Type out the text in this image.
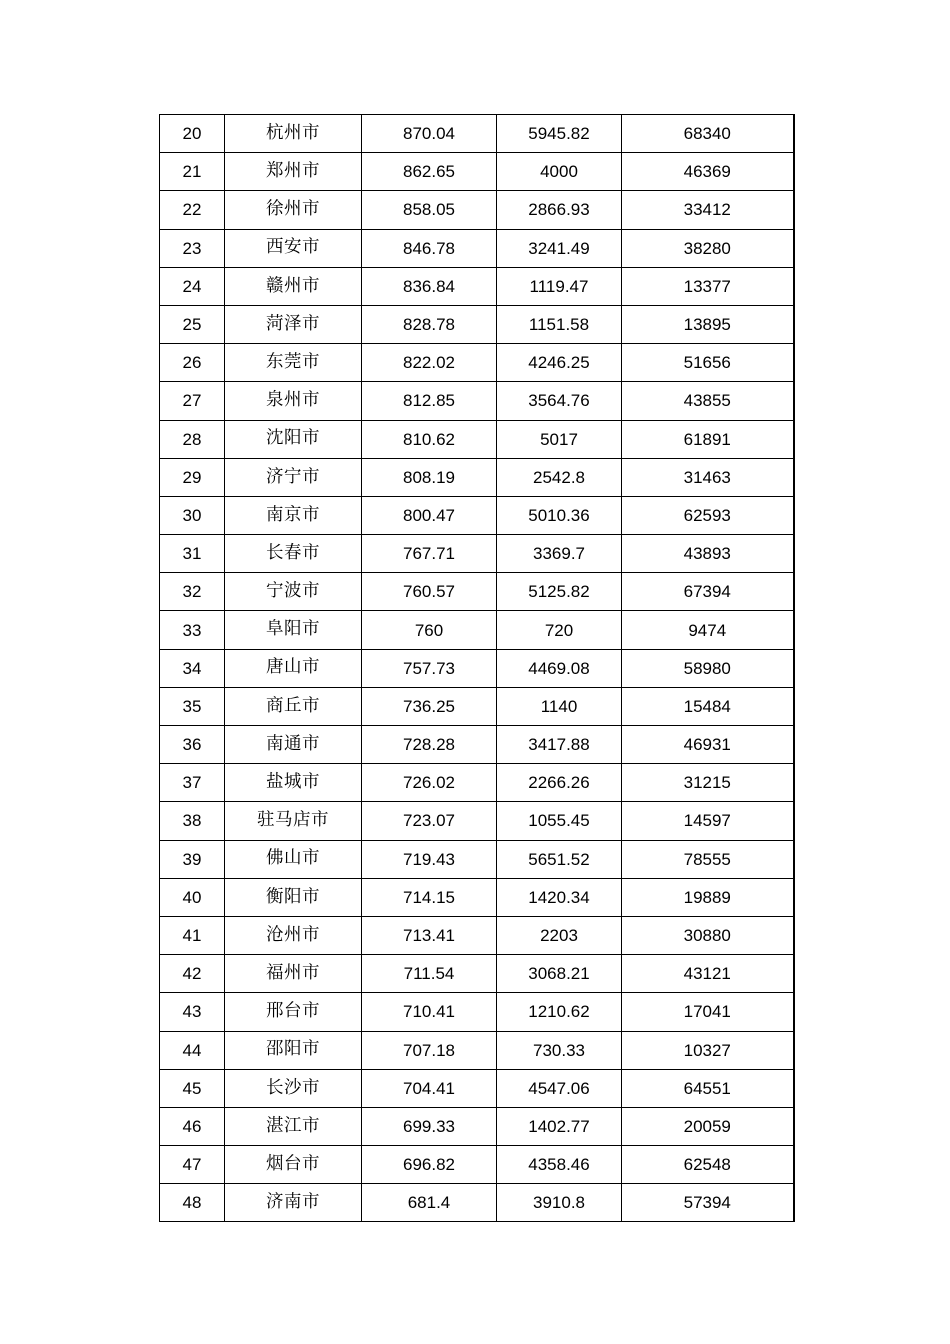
20	杭州市	870.04	5945.82	68340
21	郑州市	862.65	4000	46369
22	徐州市	858.05	2866.93	33412
23	西安市	846.78	3241.49	38280
24	赣州市	836.84	1119.47	13377
25	菏泽市	828.78	1151.58	13895
26	东莞市	822.02	4246.25	51656
27	泉州市	812.85	3564.76	43855
28	沈阳市	810.62	5017	61891
29	济宁市	808.19	2542.8	31463
30	南京市	800.47	5010.36	62593
31	长春市	767.71	3369.7	43893
32	宁波市	760.57	5125.82	67394
33	阜阳市	760	720	9474
34	唐山市	757.73	4469.08	58980
35	商丘市	736.25	1140	15484
36	南通市	728.28	3417.88	46931
37	盐城市	726.02	2266.26	31215
38	驻马店市	723.07	1055.45	14597
39	佛山市	719.43	5651.52	78555
40	衡阳市	714.15	1420.34	19889
41	沧州市	713.41	2203	30880
42	福州市	711.54	3068.21	43121
43	邢台市	710.41	1210.62	17041
44	邵阳市	707.18	730.33	10327
45	长沙市	704.41	4547.06	64551
46	湛江市	699.33	1402.77	20059
47	烟台市	696.82	4358.46	62548
48	济南市	681.4	3910.8	57394
